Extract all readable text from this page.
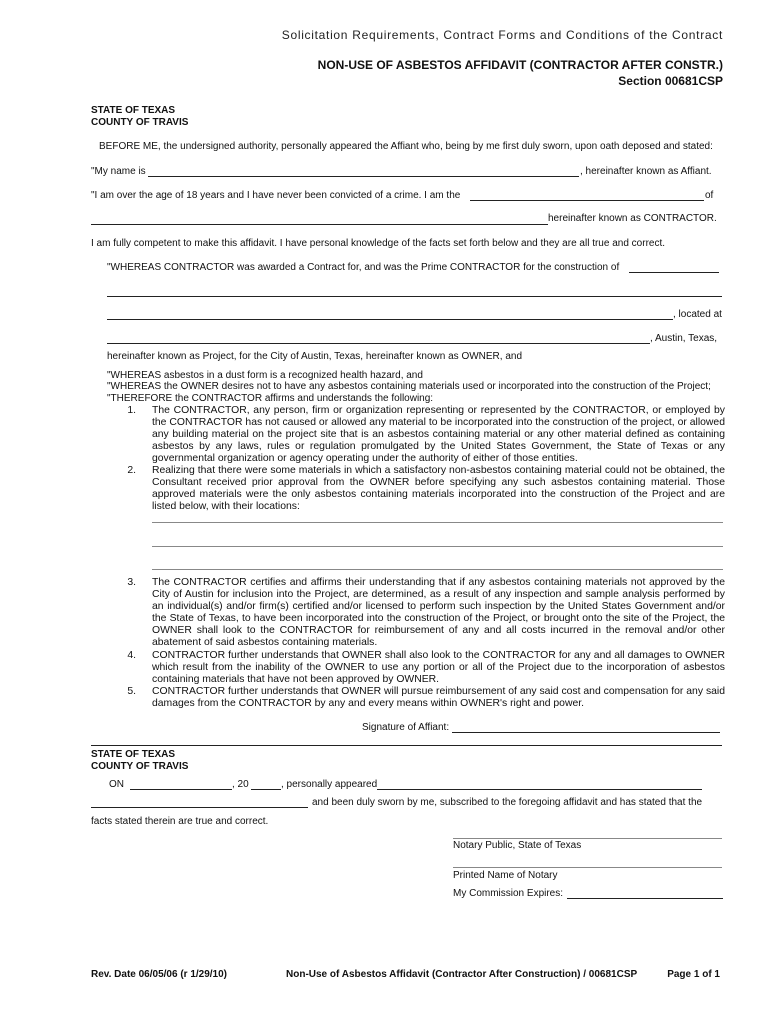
Solicitation Requirements, Contract Forms and Conditions of the Contract
NON-USE OF ASBESTOS AFFIDAVIT (CONTRACTOR AFTER CONSTR.)
Section 00681CSP
STATE OF TEXAS
COUNTY OF TRAVIS
BEFORE ME, the undersigned authority, personally appeared the Affiant who, being by me first duly sworn, upon oath deposed and stated:
"My name is	, hereinafter known as Affiant.
"I am over the age of 18 years and I have never been convicted of a crime. I am the	of
hereinafter known as CONTRACTOR.
I am fully competent to make this affidavit. I have personal knowledge of the facts set forth below and they are all true and correct.
"WHEREAS CONTRACTOR was awarded a Contract for, and was the Prime CONTRACTOR for the construction of
, located at
, Austin, Texas,
hereinafter known as Project, for the City of Austin, Texas, hereinafter known as OWNER, and
"WHEREAS asbestos in a dust form is a recognized health hazard, and
"WHEREAS the OWNER desires not to have any asbestos containing materials used or incorporated into the construction of the Project;
"THEREFORE the CONTRACTOR affirms and understands the following:
1. The CONTRACTOR, any person, firm or organization representing or represented by the CONTRACTOR, or employed by the CONTRACTOR has not caused or allowed any material to be incorporated into the construction of the project, or allowed any building material on the project site that is an asbestos containing material or any other material defined as containing asbestos by any laws, rules or regulation promulgated by the United States Government, the State of Texas or any governmental organization or agency operating under the authority of either of those entities.
2. Realizing that there were some materials in which a satisfactory non-asbestos containing material could not be obtained, the Consultant received prior approval from the OWNER before specifying any such asbestos containing material. Those approved materials were the only asbestos containing materials incorporated into the construction of the Project and are listed below, with their locations:
3. The CONTRACTOR certifies and affirms their understanding that if any asbestos containing materials not approved by the City of Austin for inclusion into the Project, are determined, as a result of any inspection and sample analysis performed by an individual(s) and/or firm(s) certified and/or licensed to perform such inspection by the United States Government and/or the State of Texas, to have been incorporated into the construction of the Project, or brought onto the site of the Project, the OWNER shall look to the CONTRACTOR for reimbursement of any and all costs incurred in the removal and/or other abatement of said asbestos containing materials.
4. CONTRACTOR further understands that OWNER shall also look to the CONTRACTOR for any and all damages to OWNER which result from the inability of the OWNER to use any portion or all of the Project due to the incorporation of asbestos containing materials that have not been approved by OWNER.
5. CONTRACTOR further understands that OWNER will pursue reimbursement of any said cost and compensation for any said damages from the CONTRACTOR by any and every means within OWNER's right and power.
Signature of Affiant:
STATE OF TEXAS
COUNTY OF TRAVIS
ON	, 20	, personally appeared
and been duly sworn by me, subscribed to the foregoing affidavit and has stated that the
facts stated therein are true and correct.
Notary Public, State of Texas
Printed Name of Notary
My Commission Expires:
Rev. Date 06/05/06 (r 1/29/10)	Non-Use of Asbestos Affidavit (Contractor After Construction) / 00681CSP	Page 1 of 1
